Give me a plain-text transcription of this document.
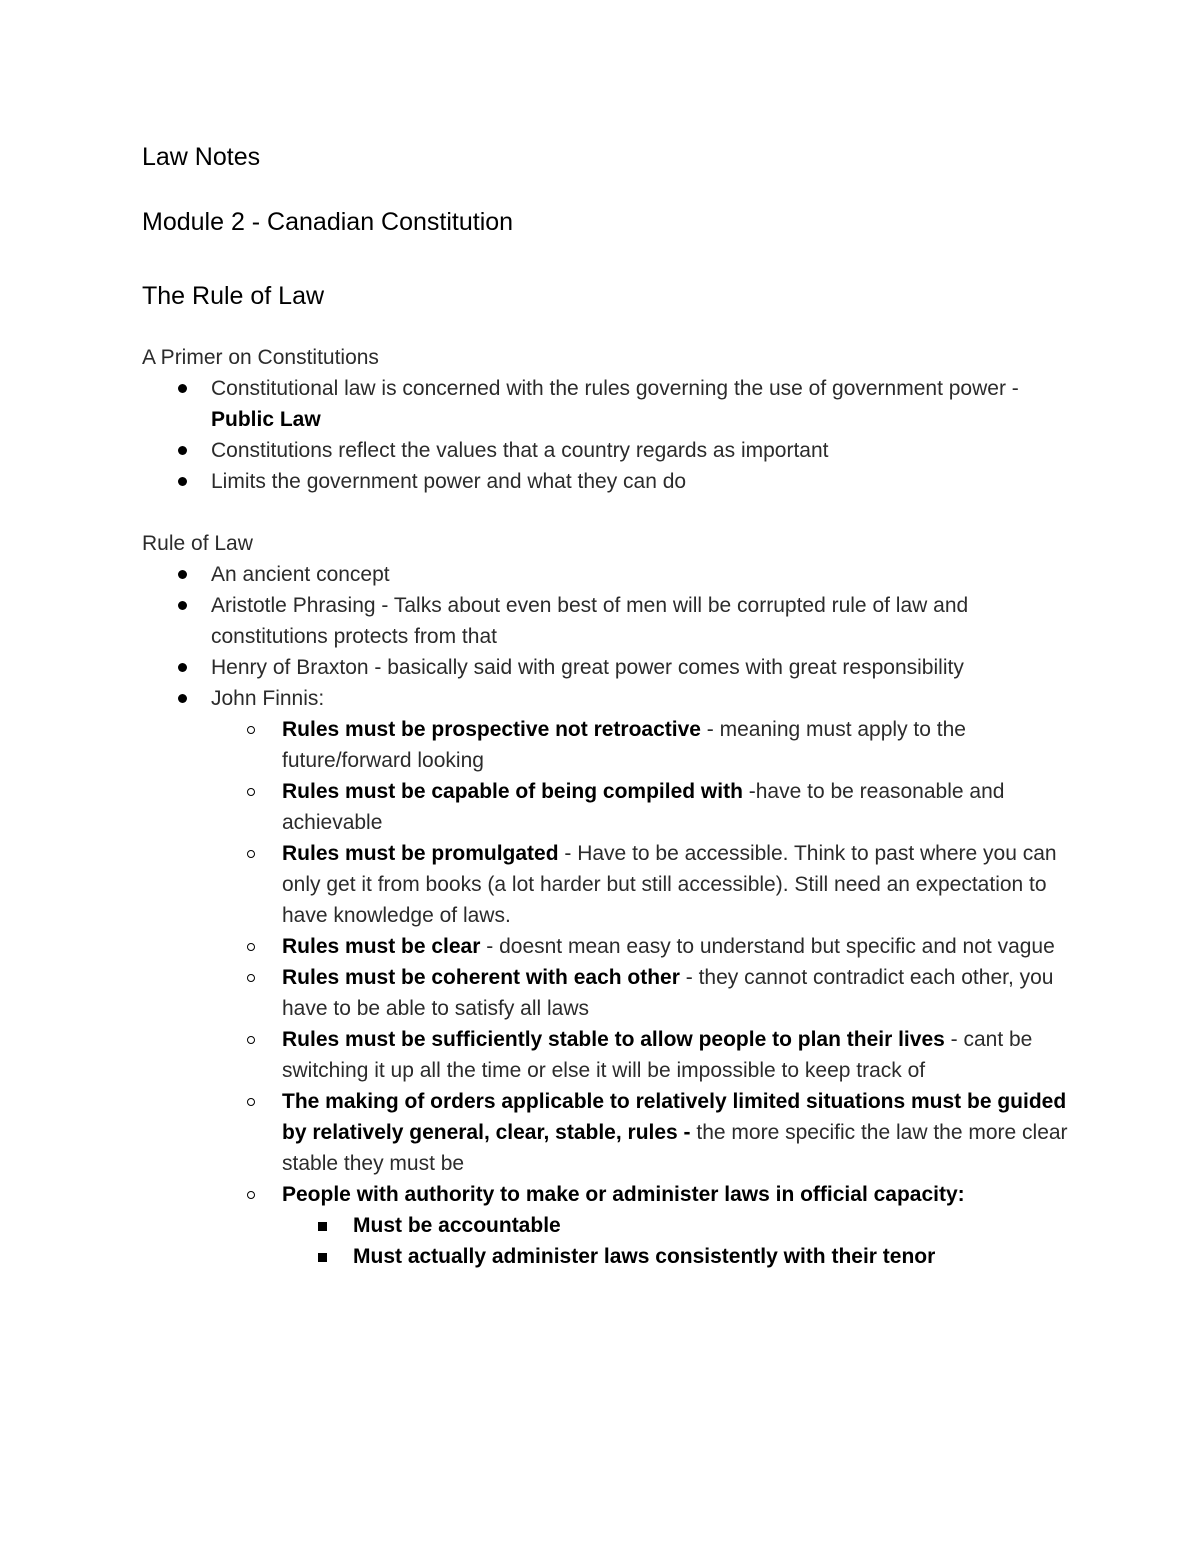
Law Notes
Module 2 - Canadian Constitution
The Rule of Law

A Primer on Constitutions

Constitutional law is concerned with the rules governing the use of government power - Public Law
Constitutions reflect the values that a country regards as important
Limits the government power and what they can do

Rule of Law

An ancient concept
Aristotle Phrasing - Talks about even best of men will be corrupted rule of law and constitutions protects from that
Henry of Braxton - basically said with great power comes with great responsibility
John Finnis:
Rules must be prospective not retroactive - meaning must apply to the future/forward looking
Rules must be capable of being compiled with -have to be reasonable and achievable
Rules must be promulgated - Have to be accessible. Think to past where you can only get it from books (a lot harder but still accessible). Still need an expectation to have knowledge of laws.
Rules must be clear - doesnt mean easy to understand but specific and not vague
Rules must be coherent with each other - they cannot contradict each other, you have to be able to satisfy all laws
Rules must be sufficiently stable to allow people to plan their lives - cant be switching it up all the time or else it will be impossible to keep track of
The making of orders applicable to relatively limited situations must be guided by relatively general, clear, stable, rules - the more specific the law the more clear stable they must be
People with authority to make or administer laws in official capacity:
Must be accountable
Must actually administer laws consistently with their tenor
